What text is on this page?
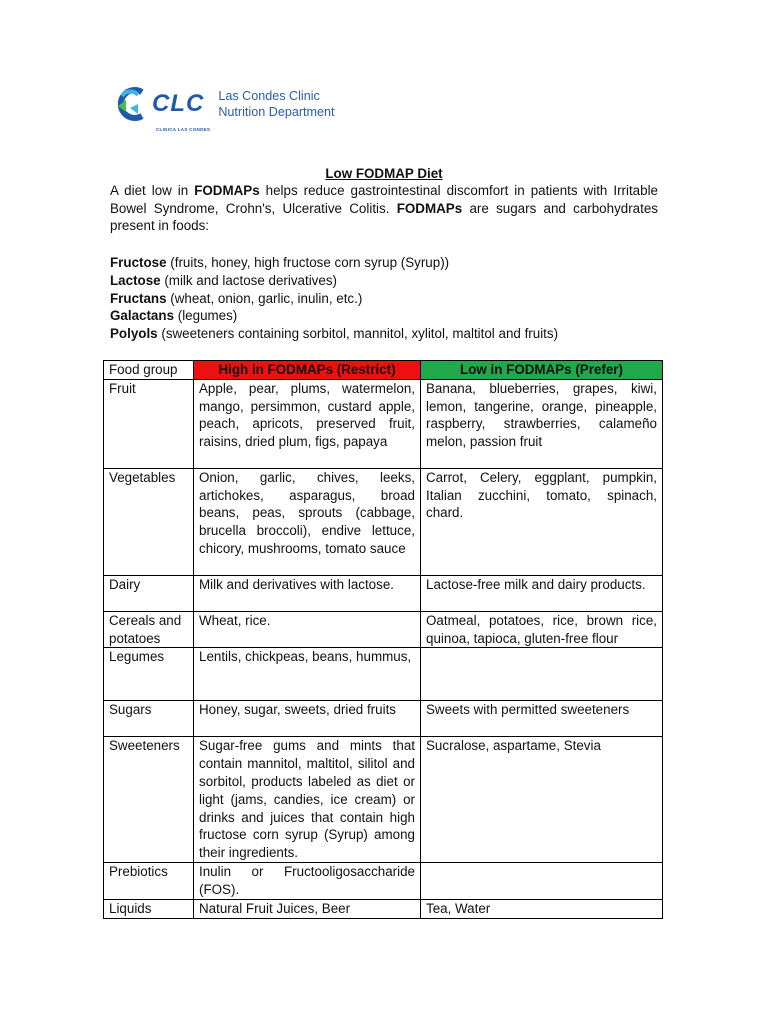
CLC
CLINICA LAS CONDES
Las Condes Clinic
Nutrition Department
Low FODMAP Diet

A diet low in FODMAPs helps reduce gastrointestinal discomfort in patients with Irritable Bowel Syndrome, Crohn's, Ulcerative Colitis. FODMAPs are sugars and carbohydrates present in foods:

Fructose (fruits, honey, high fructose corn syrup (Syrup))
Lactose (milk and lactose derivatives)
Fructans (wheat, onion, garlic, inulin, etc.)
Galactans (legumes)
Polyols (sweeteners containing sorbitol, mannitol, xylitol, maltitol and fruits)
Food group	High in FODMAPs (Restrict)	Low in FODMAPs (Prefer)
Fruit	Apple, pear, plums, watermelon, mango, persimmon, custard apple, peach, apricots, preserved fruit, raisins, dried plum, figs, papaya	Banana, blueberries, grapes, kiwi, lemon, tangerine, orange, pineapple, raspberry, strawberries, calameño melon, passion fruit
Vegetables	Onion, garlic, chives, leeks, artichokes, asparagus, broad beans, peas, sprouts (cabbage, brucella broccoli), endive lettuce, chicory, mushrooms, tomato sauce	Carrot, Celery, eggplant, pumpkin, Italian zucchini, tomato, spinach, chard.
Dairy	Milk and derivatives with lactose.	Lactose-free milk and dairy products.
Cereals and potatoes	Wheat, rice.	Oatmeal, potatoes, rice, brown rice, quinoa, tapioca, gluten-free flour
Legumes	Lentils, chickpeas, beans, hummus,	
Sugars	Honey, sugar, sweets, dried fruits	Sweets with permitted sweeteners
Sweeteners	Sugar-free gums and mints that contain mannitol, maltitol, silitol and sorbitol, products labeled as diet or light (jams, candies, ice cream) or drinks and juices that contain high fructose corn syrup (Syrup) among their ingredients.	Sucralose, aspartame, Stevia
Prebiotics	Inulin or Fructooligosaccharide (FOS).	
Liquids	Natural Fruit Juices, Beer	Tea, Water
